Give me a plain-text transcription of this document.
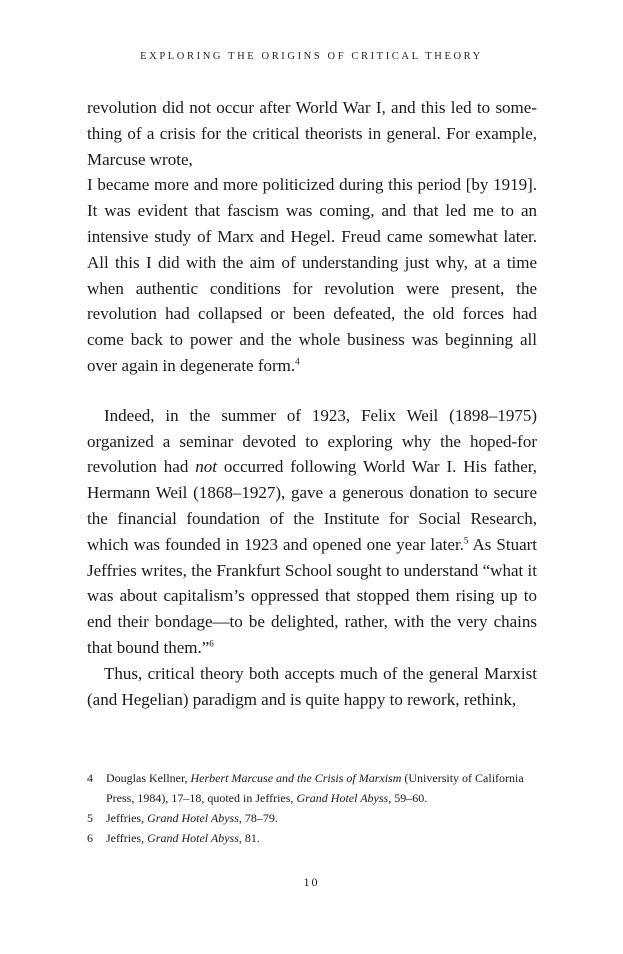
EXPLORING THE ORIGINS OF CRITICAL THEORY

revolution did not occur after World War I, and this led to something of a crisis for the critical theorists in general. For example, Marcuse wrote,

I became more and more politicized during this period [by 1919]. It was evident that fascism was coming, and that led me to an intensive study of Marx and Hegel. Freud came somewhat later. All this I did with the aim of understanding just why, at a time when authentic conditions for revolution were present, the revolution had collapsed or been defeated, the old forces had come back to power and the whole business was beginning all over again in degenerate form.$^4$

Indeed, in the summer of 1923, Felix Weil (1898–1975) organized a seminar devoted to exploring why the hoped-for revolution had not occurred following World War I. His father, Hermann Weil (1868–1927), gave a generous donation to secure the financial foundation of the Institute for Social Research, which was founded in 1923 and opened one year later.$^5$ As Stuart Jeffries writes, the Frankfurt School sought to understand “what it was about capitalism’s oppressed that stopped them rising up to end their bondage—to be delighted, rather, with the very chains that bound them.”$^6$

Thus, critical theory both accepts much of the general Marxist (and Hegelian) paradigm and is quite happy to rework, rethink,

4	Douglas Kellner, Herbert Marcuse and the Crisis of Marxism (University of California Press, 1984), 17–18, quoted in Jeffries, Grand Hotel Abyss, 59–60.
5	Jeffries, Grand Hotel Abyss, 78–79.
6	Jeffries, Grand Hotel Abyss, 81.
10
